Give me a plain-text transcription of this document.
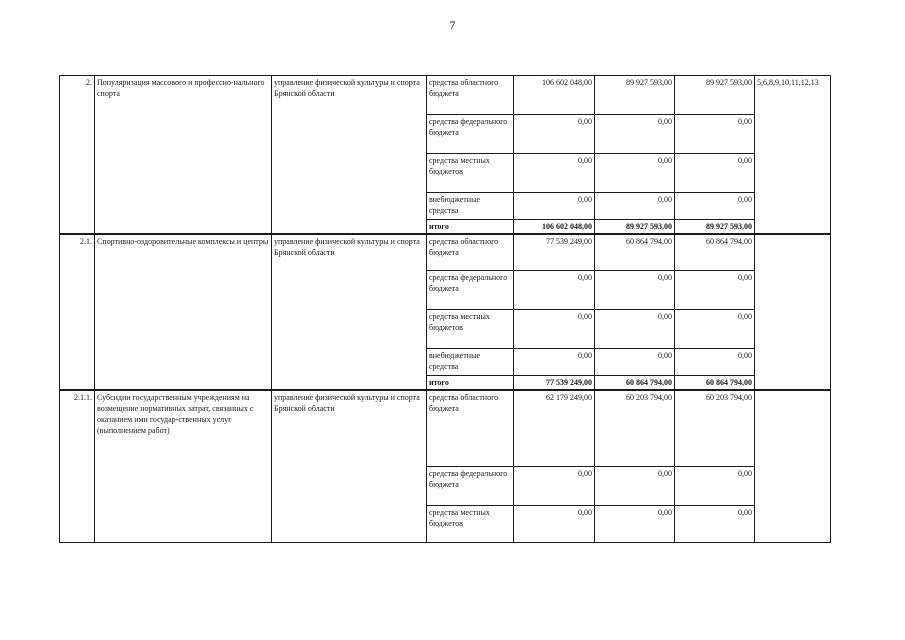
7
2.	Популяризация массового и профессио-нального спорта	управление физической культуры и спорта Брянской области	средства областного бюджета	106 602 048,00	89 927 593,00	89 927 593,00	5,6,8,9,10,11,12,13
			средства федерального бюджета	0,00	0,00	0,00	
			средства местных бюджетов	0,00	0,00	0,00	
			внебюджетные средства	0,00	0,00	0,00	
			итого	106 602 048,00	89 927 593,00	89 927 593,00	
2.1.	Спортивно-оздоровительные комплексы и центры	управление физической культуры и спорта Брянской области	средства областного бюджета	77 539 249,00	60 864 794,00	60 864 794,00	
			средства федерального бюджета	0,00	0,00	0,00	
			средства местных бюджетов	0,00	0,00	0,00	
			внебюджетные средства	0,00	0,00	0,00	
			итого	77 539 249,00	60 864 794,00	60 864 794,00	
2.1.1.	Субсидии государственным учреждениям на возмещение нормативных затрат, связанных с оказанием ими государ-ственных услуг (выполнением работ)	управление физической культуры и спорта Брянской области	средства областного бюджета	62 179 249,00	60 203 794,00	60 203 794,00	
			средства федерального бюджета	0,00	0,00	0,00	
			средства местных бюджетов	0,00	0,00	0,00	
